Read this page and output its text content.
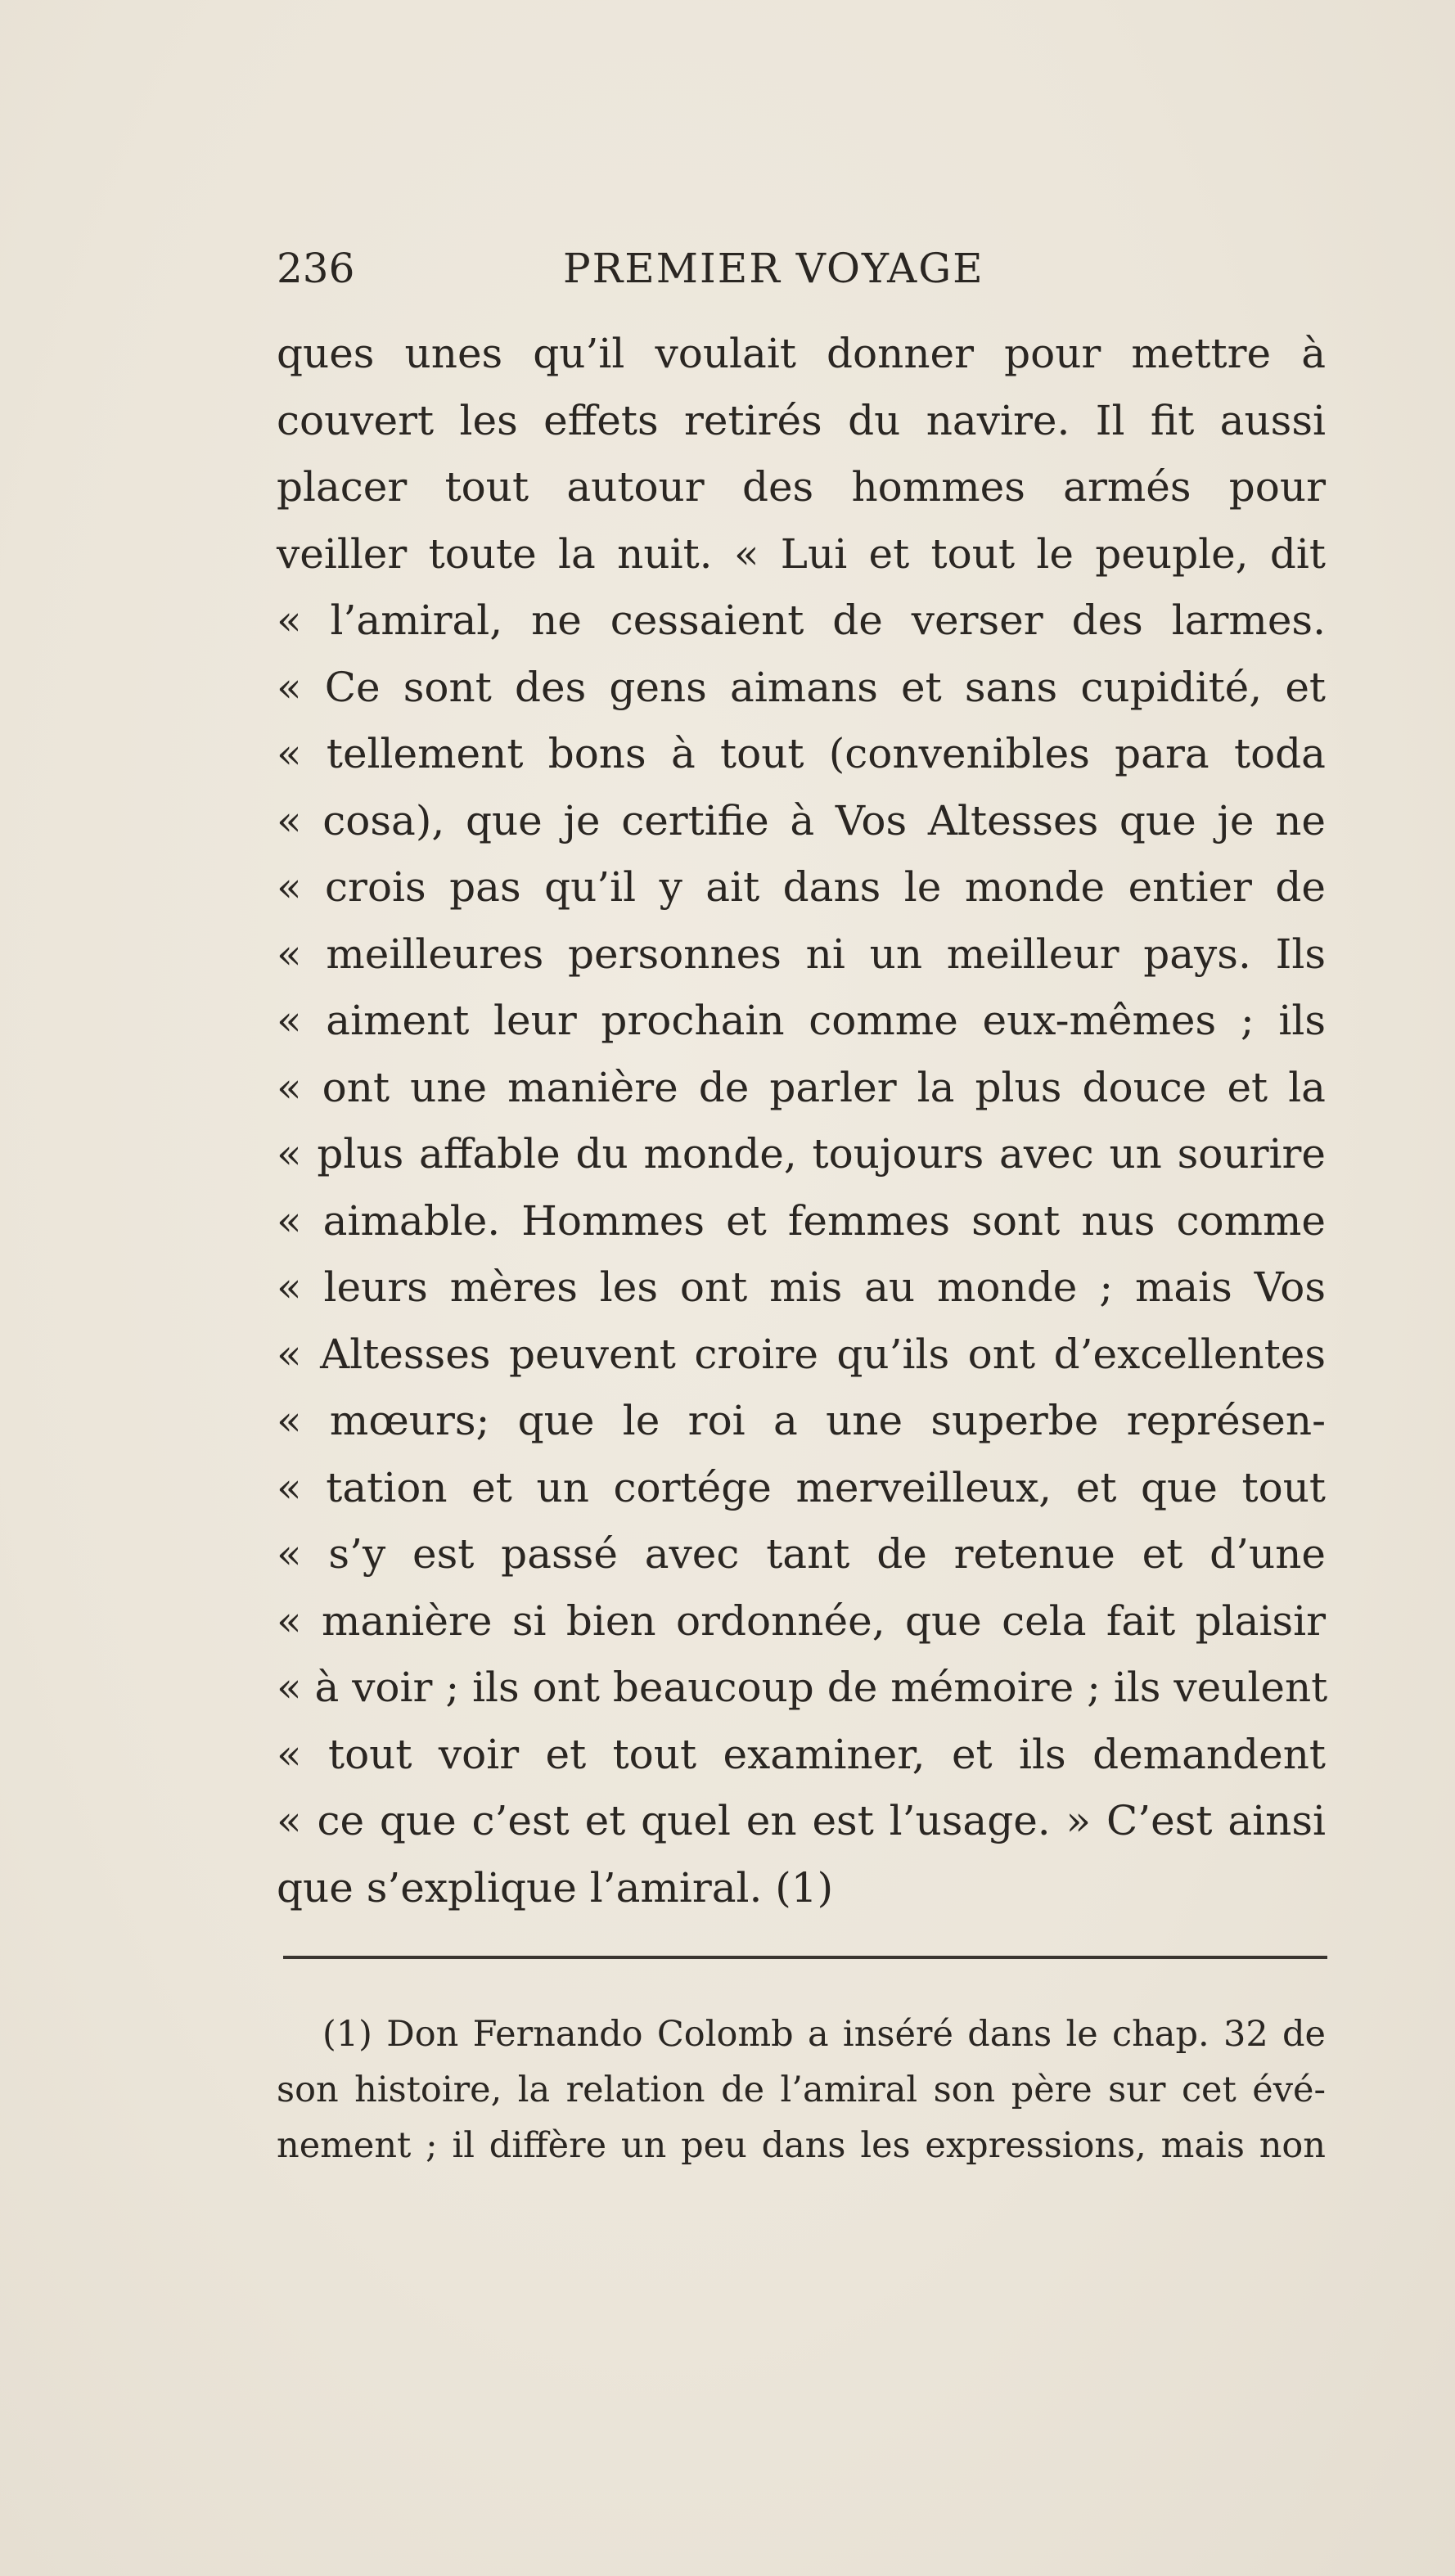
236	PREMIER VOYAGE
ques unes qu’il voulait donner pour mettre à
couvert les effets retirés du navire. Il fit aussi
placer tout autour des hommes armés pour
veiller toute la nuit. « Lui et tout le peuple, dit
« l’amiral, ne cessaient de verser des larmes.
« Ce sont des gens aimans et sans cupidité, et
« tellement bons à tout (convenibles para toda
« cosa), que je certifie à Vos Altesses que je ne
« crois pas qu’il y ait dans le monde entier de
« meilleures personnes ni un meilleur pays. Ils
« aiment leur prochain comme eux-mêmes ; ils
« ont une manière de parler la plus douce et la
« plus affable du monde, toujours avec un sourire
« aimable. Hommes et femmes sont nus comme
« leurs mères les ont mis au monde ; mais Vos
« Altesses peuvent croire qu’ils ont d’excellentes
« mœurs; que le roi a une superbe représen-
« tation et un cortége merveilleux, et que tout
« s’y est passé avec tant de retenue et d’une
« manière si bien ordonnée, que cela fait plaisir
« à voir ; ils ont beaucoup de mémoire ; ils veulent
« tout voir et tout examiner, et ils demandent
« ce que c’est et quel en est l’usage. » C’est ainsi
que s’explique l’amiral. (1)
(1) Don Fernando Colomb a inséré dans le chap. 32 de
son histoire, la relation de l’amiral son père sur cet évé-
nement ; il diffère un peu dans les expressions, mais non
